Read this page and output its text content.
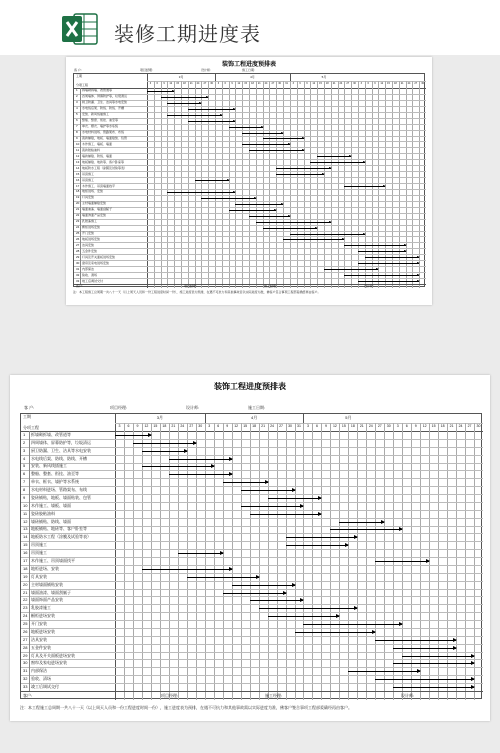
装修工期进度表
装饰工程进度预排表
客 户:	项目经理:	设计师:	施工日期:
工期
分项工程
3月	4月	5月
3	6	9	12	15	18	21	24	27	30	3	6	9	12	15	18	21	24	27	30	31	3	6	9	12	15	18	21	24	27	30	3	6	9	12	15	18	21	24	27	30
1	拆墙砌拆墙、改管道等
2	四周墙体、屏幕防护等，垃圾清运
3	厨卫防漏、卫生、洁具等水电安装
4	水电线后架、防线、防线、开槽
5	安装、新风线插施工
6	整船、整套、衔挂、油至等
7	单衣、框衣、墙护等水系统
8	水电材料进场、管路架布、布线
9	瓷砖铺贴，地板、墙面贴装、包管
10 木作施工、墙板、墙面
11 瓷砖胶粘油料
12 墙砖铺贴、防线、墙面
13 地板铺贴、地砖等、客户卧室等
14 地板防水工程（涂膜及试验等表）
15 吊顶施工
16 吊顶施工
17 木作施工、吊顶墙面找平
18 地柜进场、安装
19 灯具安装
20 主材墙面铺贴安装
21 墙面油漆、墙面刮腻子
22 墙面饰面产品安装
23 乳胶漆施工
24 橱柜进场安装
25 开门安装
26 地板进场安装
27 洁具安装
28 五金件安装
29 灯具及开关面板进场安装
30 窗帘及家电进场安装
31 内部保洁
32 验收、清场
33 竣工后调试交付
客户:	项目经理:	施工经理:	设计师:
注：本工程施工总周期一共八十一天（以上周天人员和一份工程进度时间一份），施工进度表为预排，在遇不可抗力和其他事故需以实际进度为准，佛客户签合事项工程部爱确经再由客户。
装饰工程进度预排表
客 户:	项目经理:	设计师:	施工日期:
工期
分项工程
3月	4月	5月
3	6	9	12	15	18	21	24	27	30	3	6	9	12	15	18	21	24	27	30	31	3	6	9	12	15	18	21	24	27	30	3	6	9	12	15	18	21	24	27	30
1	拆墙砌拆墙、改管道等
2	四周墙体、屏幕防护等，垃圾清运
3	厨卫防漏、卫生、洁具等水电安装
4	水电线后架、防线、防线、开槽
5	安装、新风线插施工
6	整船、整套、衔挂、油至等
7	单衣、框衣、墙护等水系统
8	水电材料进场、管路架布、布线
9	瓷砖铺贴，地板、墙面贴装、包管
10 木作施工、墙板、墙面
11 瓷砖胶粘油料
12 墙砖铺贴、防线、墙面
13 地板铺贴、地砖等、客户卧室等
14 地板防水工程（涂膜及试验等表）
15 吊顶施工
16 吊顶施工
17 木作施工、吊顶墙面找平
18 地柜进场、安装
19 灯具安装
20 主材墙面铺贴安装
21 墙面油漆、墙面刮腻子
22 墙面饰面产品安装
23 乳胶漆施工
24 橱柜进场安装
25 开门安装
26 地板进场安装
27 洁具安装
28 五金件安装
29 灯具及开关面板进场安装
30 窗帘及家电进场安装
31 内部保洁
32 验收、清场
33 竣工后调试交付
客户:	项目经理:	施工经理:	设计师:
注：本工程施工总周期一共八十一天（以上周天人员和一份工程进度时间一份），施工进度表为预排，在遇不可抗力和其他事故需以实际进度为准，佛客户签合事项工程部爱确经再由客户。
